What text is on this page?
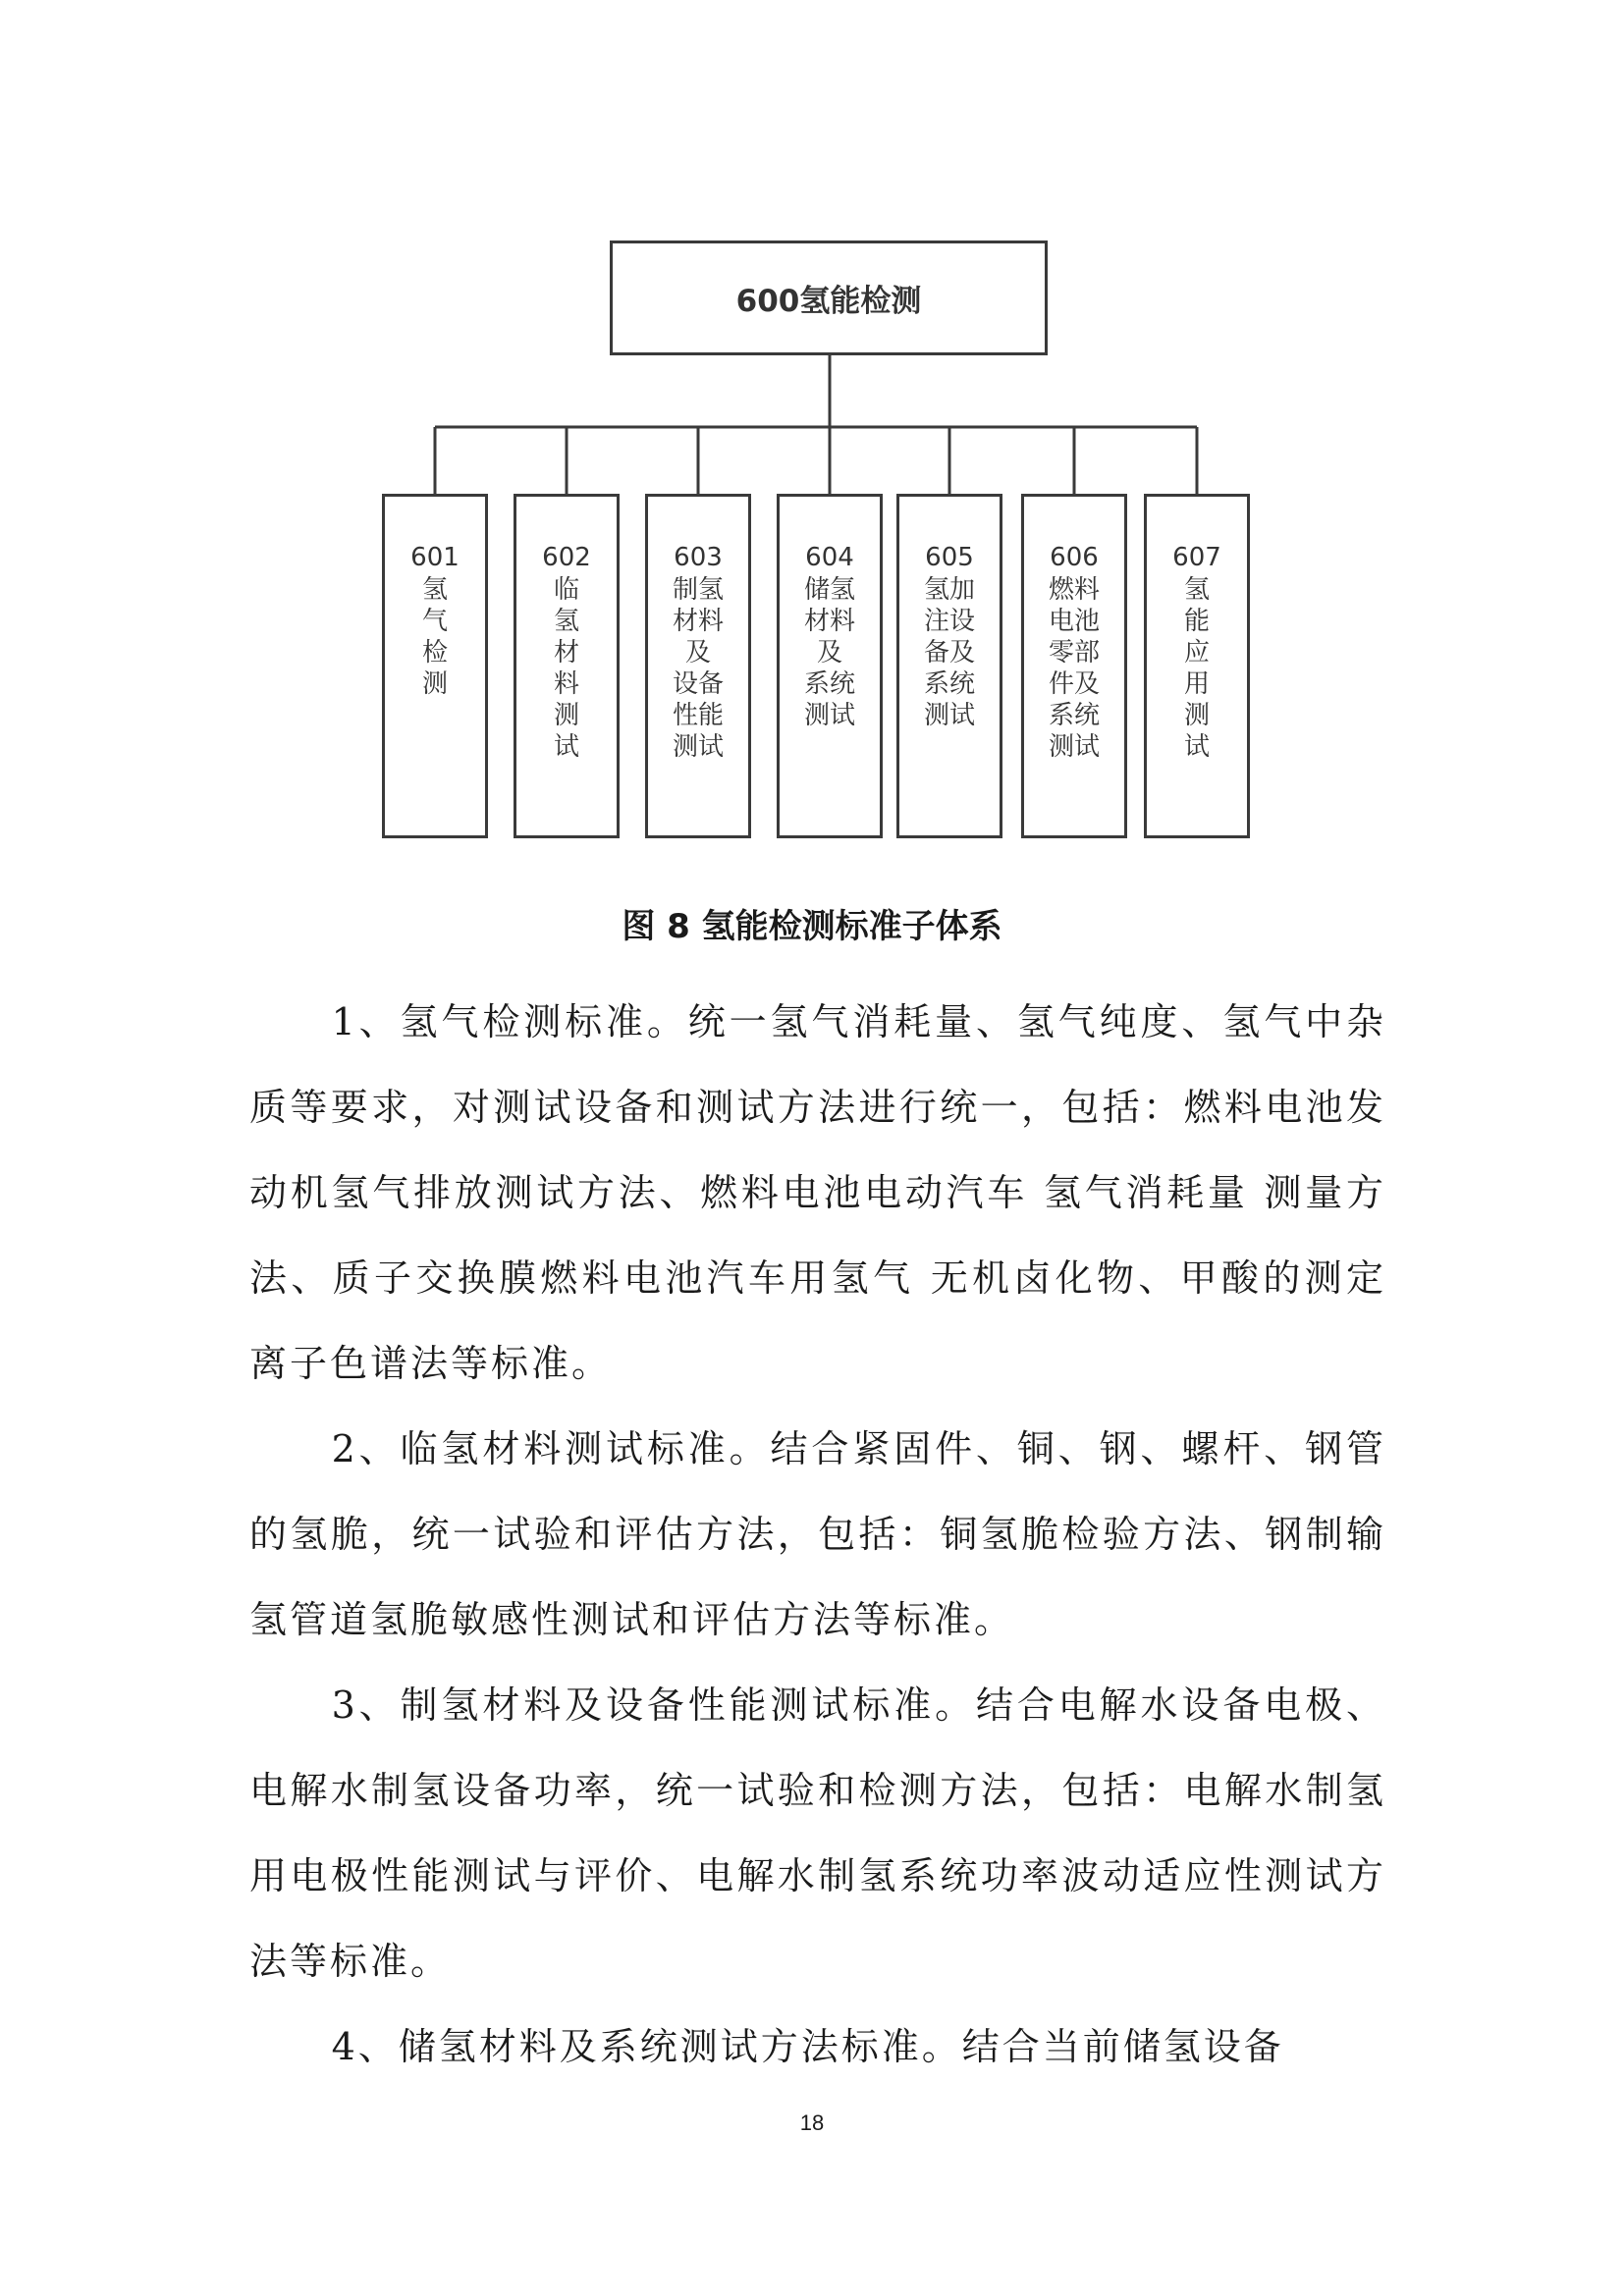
600氢能检测
601
氢
气
检
测
602
临
氢
材
料
测
试
603
制氢
材料
及
设备
性能
测试
604
储氢
材料
及
系统
测试
605
氢加
注设
备及
系统
测试
606
燃料
电池
零部
件及
系统
测试
607
氢
能
应
用
测
试
图 8 氢能检测标准子体系

1、氢气检测标准。统一氢气消耗量、氢气纯度、氢气中杂质等要求，对测试设备和测试方法进行统一，包括：燃料电池发动机氢气排放测试方法、燃料电池电动汽车 氢气消耗量 测量方法、质子交换膜燃料电池汽车用氢气 无机卤化物、甲酸的测定 离子色谱法等标准。

2、临氢材料测试标准。结合紧固件、铜、钢、螺杆、钢管的氢脆，统一试验和评估方法，包括：铜氢脆检验方法、钢制输氢管道氢脆敏感性测试和评估方法等标准。

3、制氢材料及设备性能测试标准。结合电解水设备电极、电解水制氢设备功率，统一试验和检测方法，包括：电解水制氢用电极性能测试与评价、电解水制氢系统功率波动适应性测试方法等标准。

4、储氢材料及系统测试方法标准。结合当前储氢设备

18
